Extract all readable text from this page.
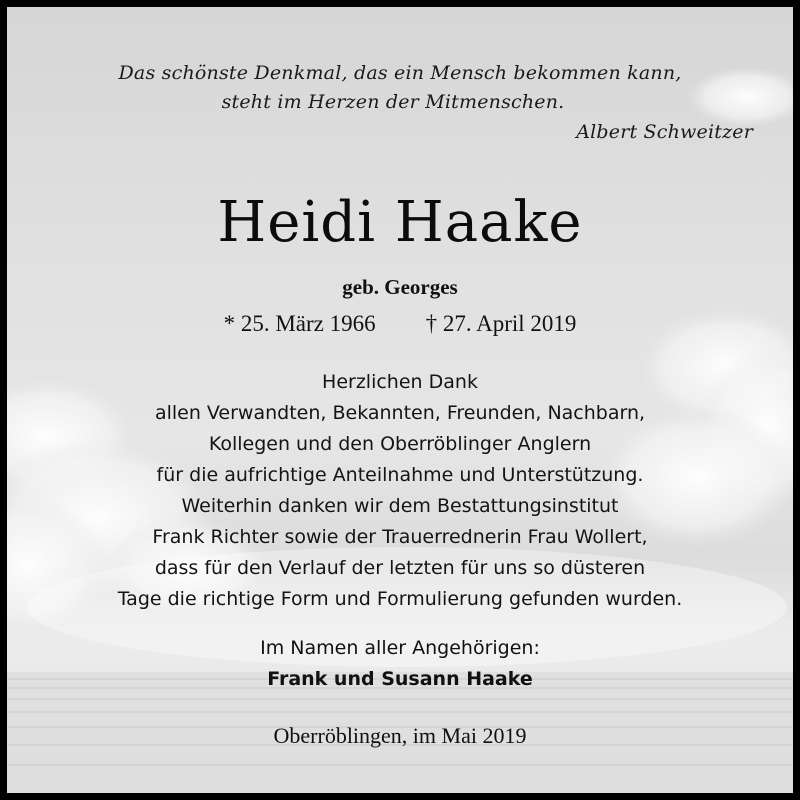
Das schönste Denkmal, das ein Mensch bekommen kann,
steht im Herzen der Mitmenschen.
Albert Schweitzer
Heidi Haake
geb. Georges
* 25. März 1966 † 27. April 2019
Herzlichen Dank
allen Verwandten, Bekannten, Freunden, Nachbarn,
Kollegen und den Oberröblinger Anglern
für die aufrichtige Anteilnahme und Unterstützung.
Weiterhin danken wir dem Bestattungsinstitut
Frank Richter sowie der Trauerrednerin Frau Wollert,
dass für den Verlauf der letzten für uns so düsteren
Tage die richtige Form und Formulierung gefunden wurden.
Im Namen aller Angehörigen:
Frank und Susann Haake
Oberröblingen, im Mai 2019
